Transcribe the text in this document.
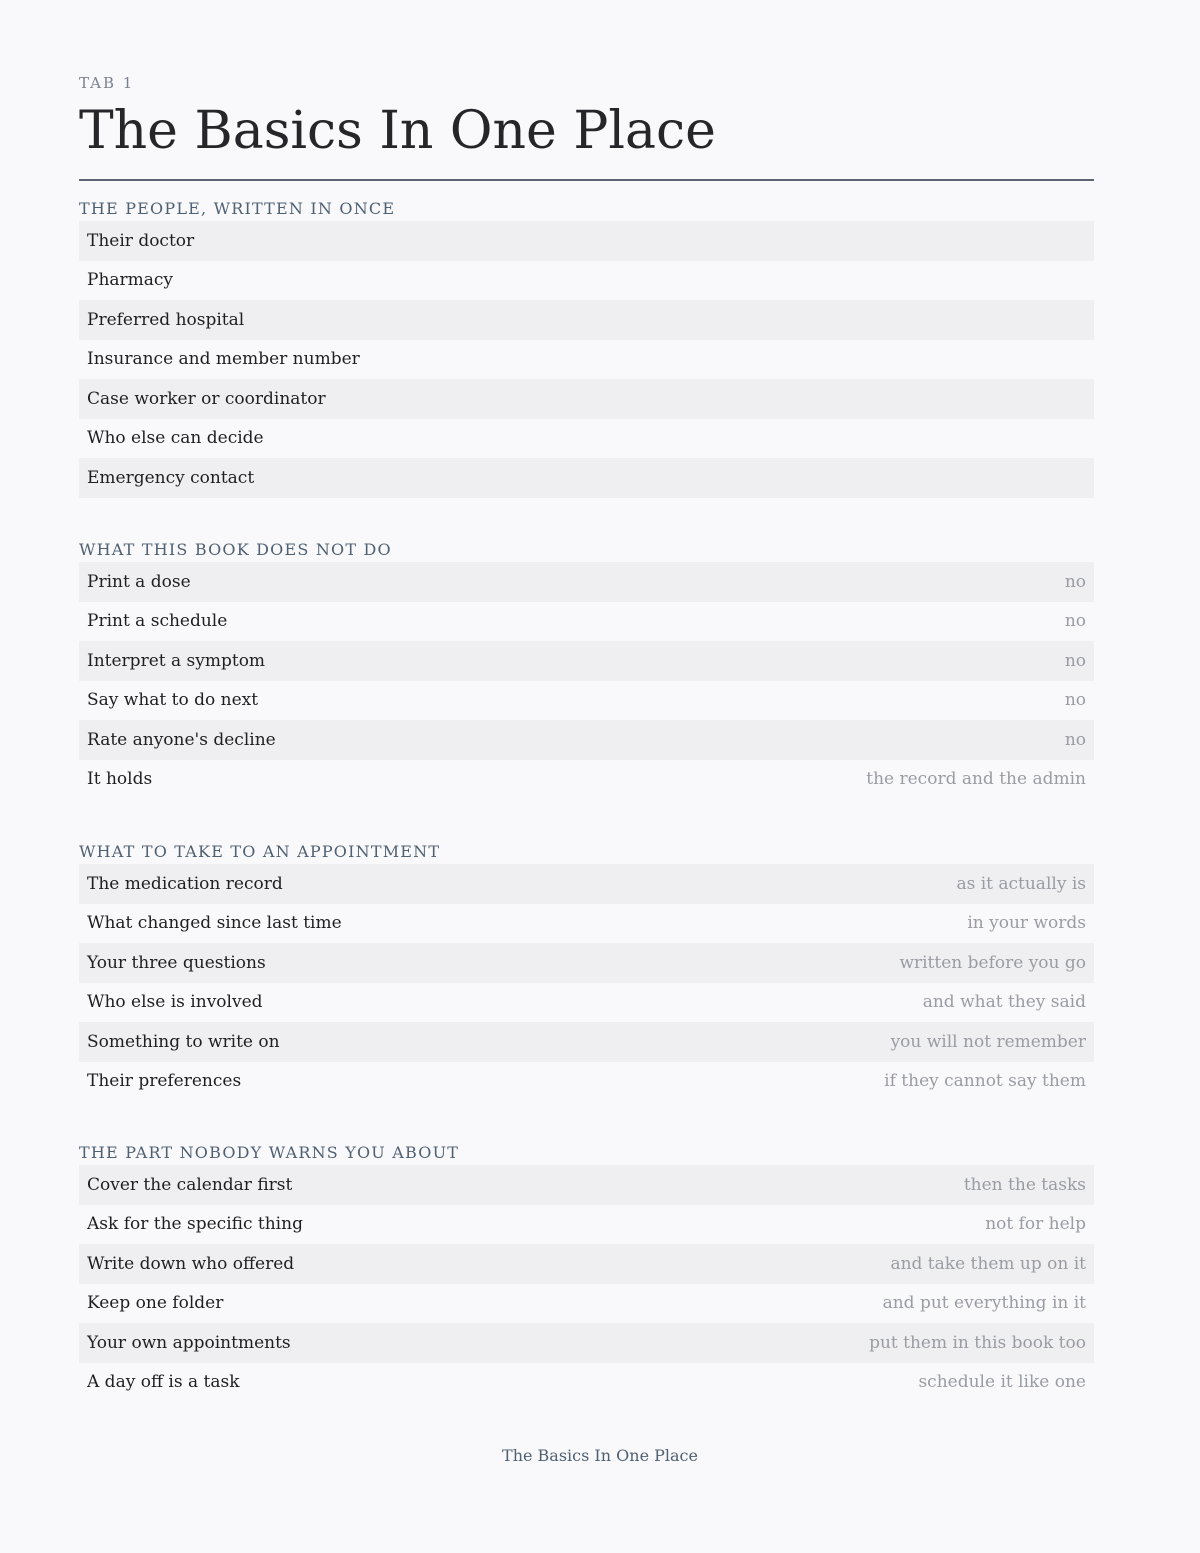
TAB 1
The Basics In One Place
THE PEOPLE, WRITTEN IN ONCE
Their doctor
Pharmacy
Preferred hospital
Insurance and member number
Case worker or coordinator
Who else can decide
Emergency contact
WHAT THIS BOOK DOES NOT DO
Print a dose	no
Print a schedule	no
Interpret a symptom	no
Say what to do next	no
Rate anyone's decline	no
It holds	the record and the admin
WHAT TO TAKE TO AN APPOINTMENT
The medication record	as it actually is
What changed since last time	in your words
Your three questions	written before you go
Who else is involved	and what they said
Something to write on	you will not remember
Their preferences	if they cannot say them
THE PART NOBODY WARNS YOU ABOUT
Cover the calendar first	then the tasks
Ask for the specific thing	not for help
Write down who offered	and take them up on it
Keep one folder	and put everything in it
Your own appointments	put them in this book too
A day off is a task	schedule it like one
The Basics In One Place
